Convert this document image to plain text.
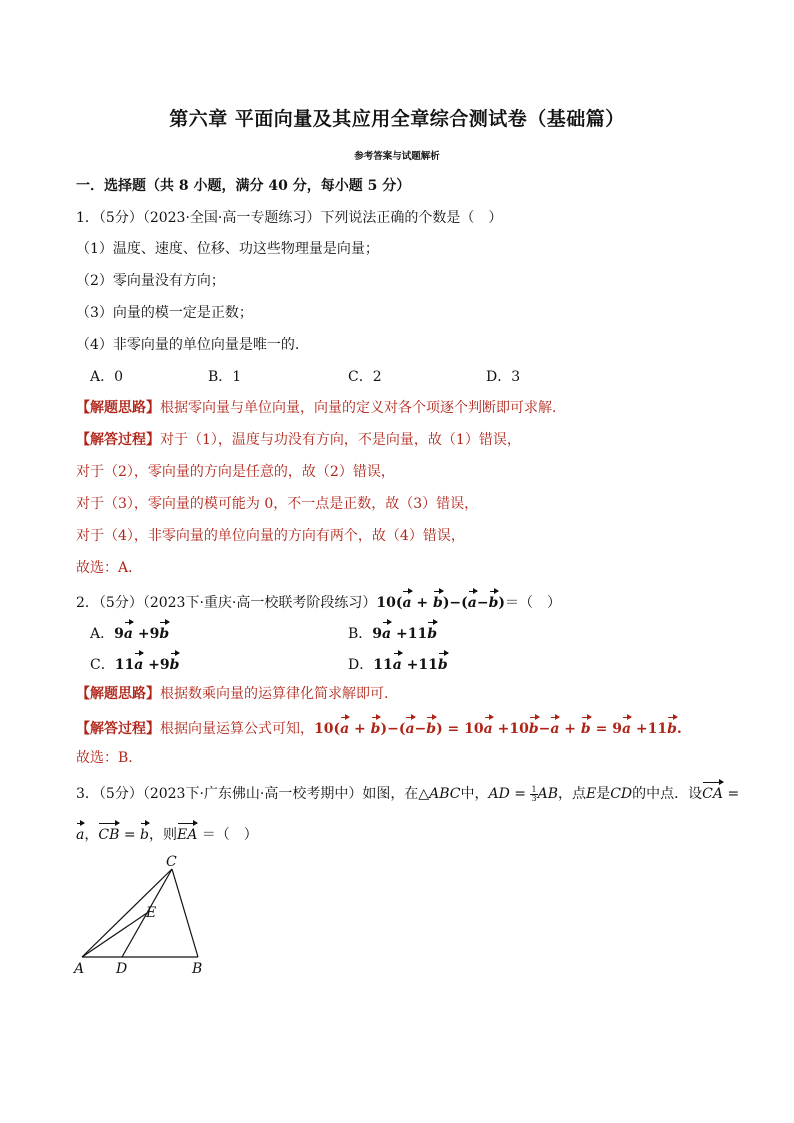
第六章 平面向量及其应用全章综合测试卷（基础篇）
参考答案与试题解析
一．选择题（共 8 小题，满分 40 分，每小题 5 分）
1．（5分）（2023·全国·高一专题练习）下列说法正确的个数是（　）
（1）温度、速度、位移、功这些物理量是向量；
（2）零向量没有方向；
（3）向量的模一定是正数；
（4）非零向量的单位向量是唯一的.
A．0	B．1	C．2	D．3
【解题思路】根据零向量与单位向量，向量的定义对各个项逐个判断即可求解．
【解答过程】对于（1），温度与功没有方向，不是向量，故（1）错误，
对于（2），零向量的方向是任意的，故（2）错误，
对于（3），零向量的模可能为 0，不一点是正数，故（3）错误，
对于（4），非零向量的单位向量的方向有两个，故（4）错误，
故选：A．
2．（5分）（2023下·重庆·高一校联考阶段练习）10(a + b)−(a−b)＝（　）
A．9a +9b	B．9a +11b
C．11a +9b	D．11a +11b
【解题思路】根据数乘向量的运算律化简求解即可.
【解答过程】根据向量运算公式可知，10(a + b)−(a−b) = 10a +10b−a + b = 9a +11b.
故选：B.
3．（5分）（2023下·广东佛山·高一校考期中）如图，在△ABC中，AD = $\frac{1}{3}$ AB，点E是CD的中点．设CA =
a，CB = b，则EA ＝（　）
C
E
A D	B
